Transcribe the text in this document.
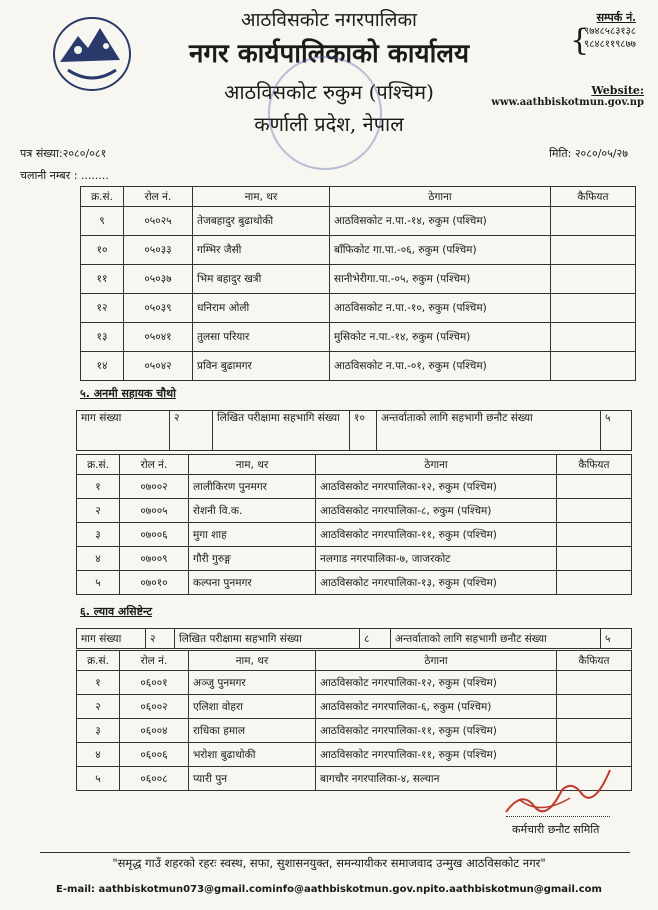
आठविसकोट नगरपालिका
नगर कार्यपालिकाको कार्यालय
आठविसकोट रुकुम (पश्चिम)
कर्णाली प्रदेश, नेपाल
सम्पर्क नं.
{
९७४८५८३१३८
९८४८११९८७७
Website:
www.aathbiskotmun.gov.np
पत्र संख्या:२०८०/०८१	मिति: २०८०/०५/२७
चलानी नम्बर : ........
क्र.सं.	रोल नं.	नाम, थर	ठेगाना	कैफियत
९	०५०२५	तेजबहादुर बुढाथोकी	आठविसकोट न.पा.-१४, रुकुम (पश्चिम)	
१०	०५०३३	गम्भिर जैसी	बाँफिकोट गा.पा.-०६, रुकुम (पश्चिम)	
११	०५०३७	भिम बहादुर खत्री	सानीभेरीगा.पा.-०५, रुकुम (पश्चिम)	
१२	०५०३९	धनिराम ओली	आठविसकोट न.पा.-१०, रुकुम (पश्चिम)	
१३	०५०४१	तुलसा परियार	मुसिकोट न.पा.-१४, रुकुम (पश्चिम)	
१४	०५०४२	प्रविन बुढामगर	आठविसकोट न.पा.-०१, रुकुम (पश्चिम)	
५. अनमी सहायक चौथो
माग संख्या	२	लिखित परीक्षामा सहभागि संख्या	१०	अन्तर्वाताको लागि सहभागी छनौट संख्या	५
क्र.सं.	रोल नं.	नाम, थर	ठेगाना	कैफियत
१	०७००२	लालीकिरण पुनमगर	आठविसकोट नगरपालिका-१२, रुकुम (पश्चिम)	
२	०७००५	रोशनी वि.क.	आठविसकोट नगरपालिका-८, रुकुम (पश्चिम)	
३	०७००६	मुगा शाह	आठविसकोट नगरपालिका-११, रुकुम (पश्चिम)	
४	०७००९	गौरी गुरुङ्ग	नलगाड नगरपालिका-७, जाजरकोट	
५	०७०१०	कल्पना पुनमगर	आठविसकोट नगरपालिका-१३, रुकुम (पश्चिम)	
६. ल्याव असिष्टेन्ट
माग संख्या	२	लिखित परीक्षामा सहभागि संख्या	८	अन्तर्वाताको लागि सहभागी छनौट संख्या	५
क्र.सं.	रोल नं.	नाम, थर	ठेगाना	कैफियत
१	०६००१	अञ्जु पुनमगर	आठविसकोट नगरपालिका-१२, रुकुम (पश्चिम)	
२	०६००२	एलिशा वोहरा	आठविसकोट नगरपालिका-६, रुकुम (पश्चिम)	
३	०६००४	राधिका हमाल	आठविसकोट नगरपालिका-११, रुकुम (पश्चिम)	
४	०६००६	भरोशा बुढाथोकी	आठविसकोट नगरपालिका-११, रुकुम (पश्चिम)	
५	०६००८	प्यारी पुन	बागचौर नगरपालिका-४, सल्यान	
कर्मचारी छनौट समिति
"समृद्ध गाउँ शहरको रहरः स्वस्थ, सफा, सुशासनयुक्त, समन्यायीकर समाजवाद उन्मुख आठविसकोट नगर"
E-mail: aathbiskotmun073@gmail.cominfo@aathbiskotmun.gov.npito.aathbiskotmun@gmail.com
